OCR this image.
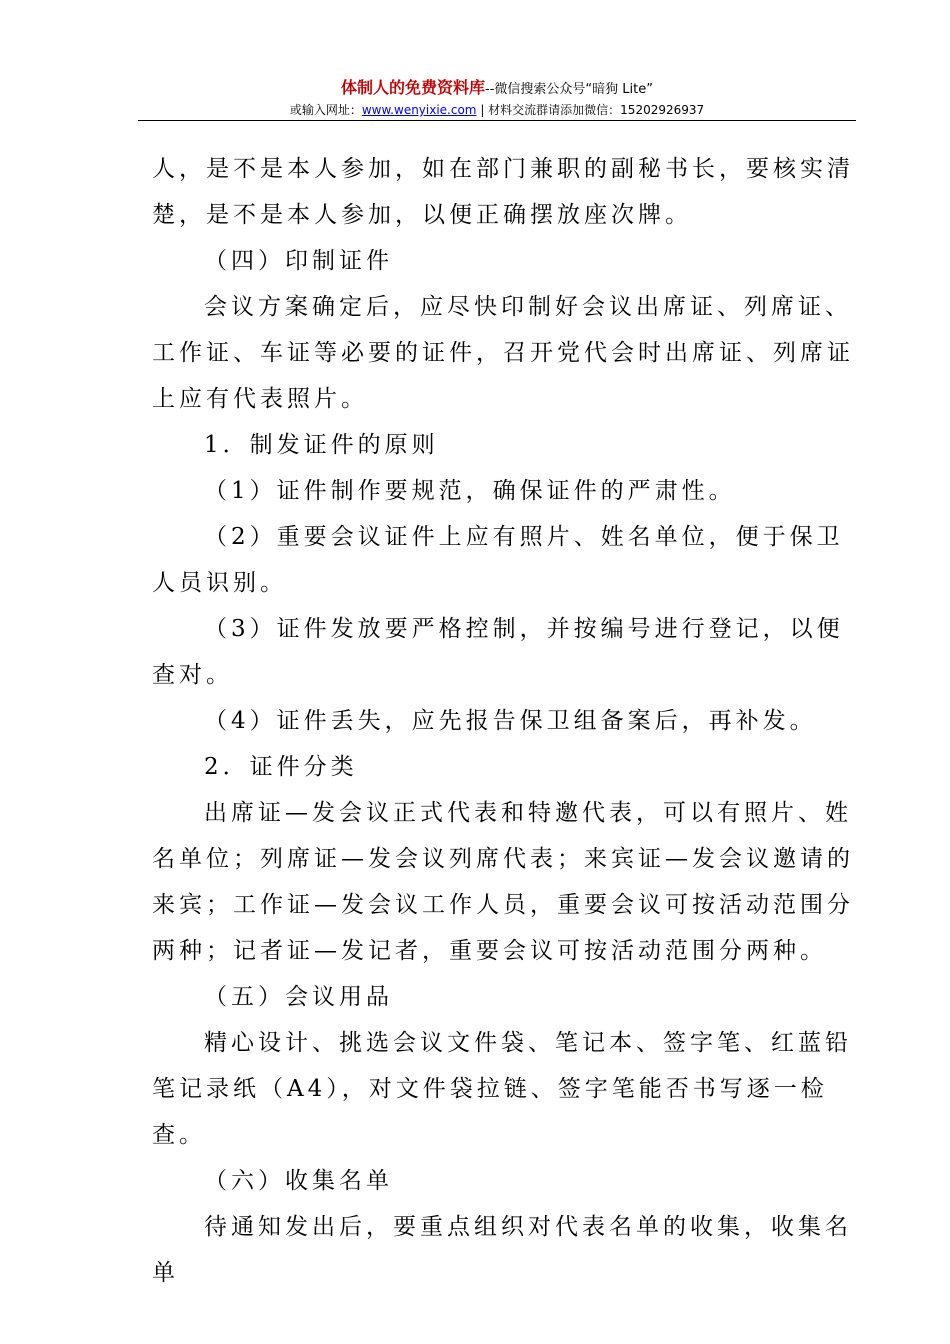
体制人的免费资料库--微信搜索公众号“暗狗 Lite”
或输入网址：www.wenyixie.com | 材料交流群请添加微信：15202926937

人，是不是本人参加，如在部门兼职的副秘书长，要核实清楚，是不是本人参加，以便正确摆放座次牌。

（四）印制证件

会议方案确定后，应尽快印制好会议出席证、列席证、工作证、车证等必要的证件，召开党代会时出席证、列席证上应有代表照片。

1．制发证件的原则

（1）证件制作要规范，确保证件的严肃性。

（2）重要会议证件上应有照片、姓名单位，便于保卫人员识别。

（3）证件发放要严格控制，并按编号进行登记，以便查对。

（4）证件丢失，应先报告保卫组备案后，再补发。

2．证件分类

出席证—发会议正式代表和特邀代表，可以有照片、姓名单位；列席证—发会议列席代表；来宾证—发会议邀请的来宾；工作证—发会议工作人员，重要会议可按活动范围分两种；记者证—发记者，重要会议可按活动范围分两种。

（五）会议用品

精心设计、挑选会议文件袋、笔记本、签字笔、红蓝铅笔记录纸（A4），对文件袋拉链、签字笔能否书写逐一检查。

（六）收集名单

待通知发出后，要重点组织对代表名单的收集，收集名单
